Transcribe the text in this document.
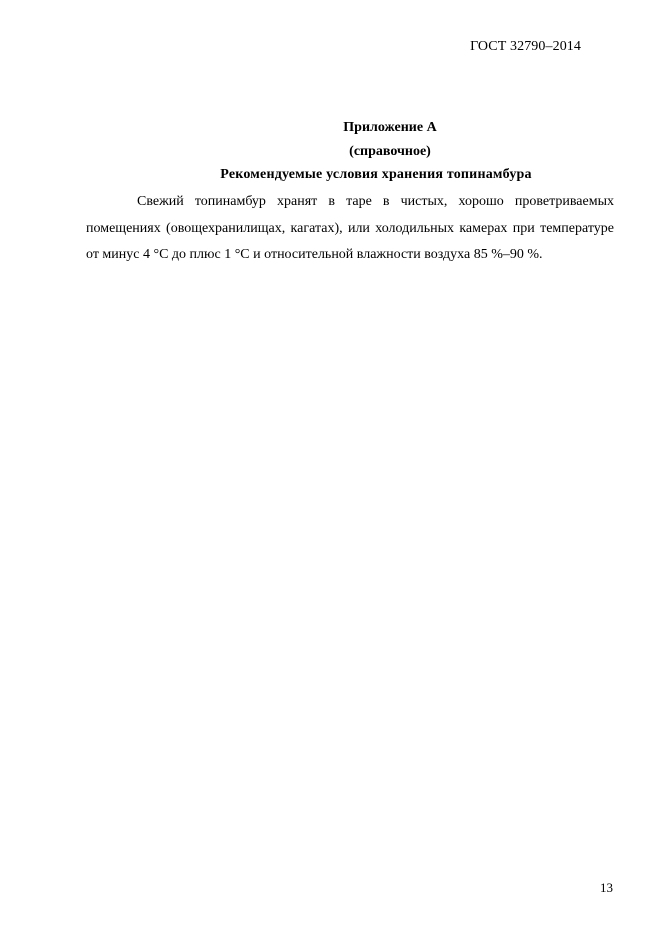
ГОСТ 32790–2014
Приложение А
(справочное)
Рекомендуемые условия хранения топинамбура

Свежий топинамбур хранят в таре в чистых, хорошо проветриваемых помещениях (овощехранилищах, кагатах), или холодильных камерах при температуре от минус 4 °С до плюс 1 °С и относительной влажности воздуха 85 %–90 %.

13
